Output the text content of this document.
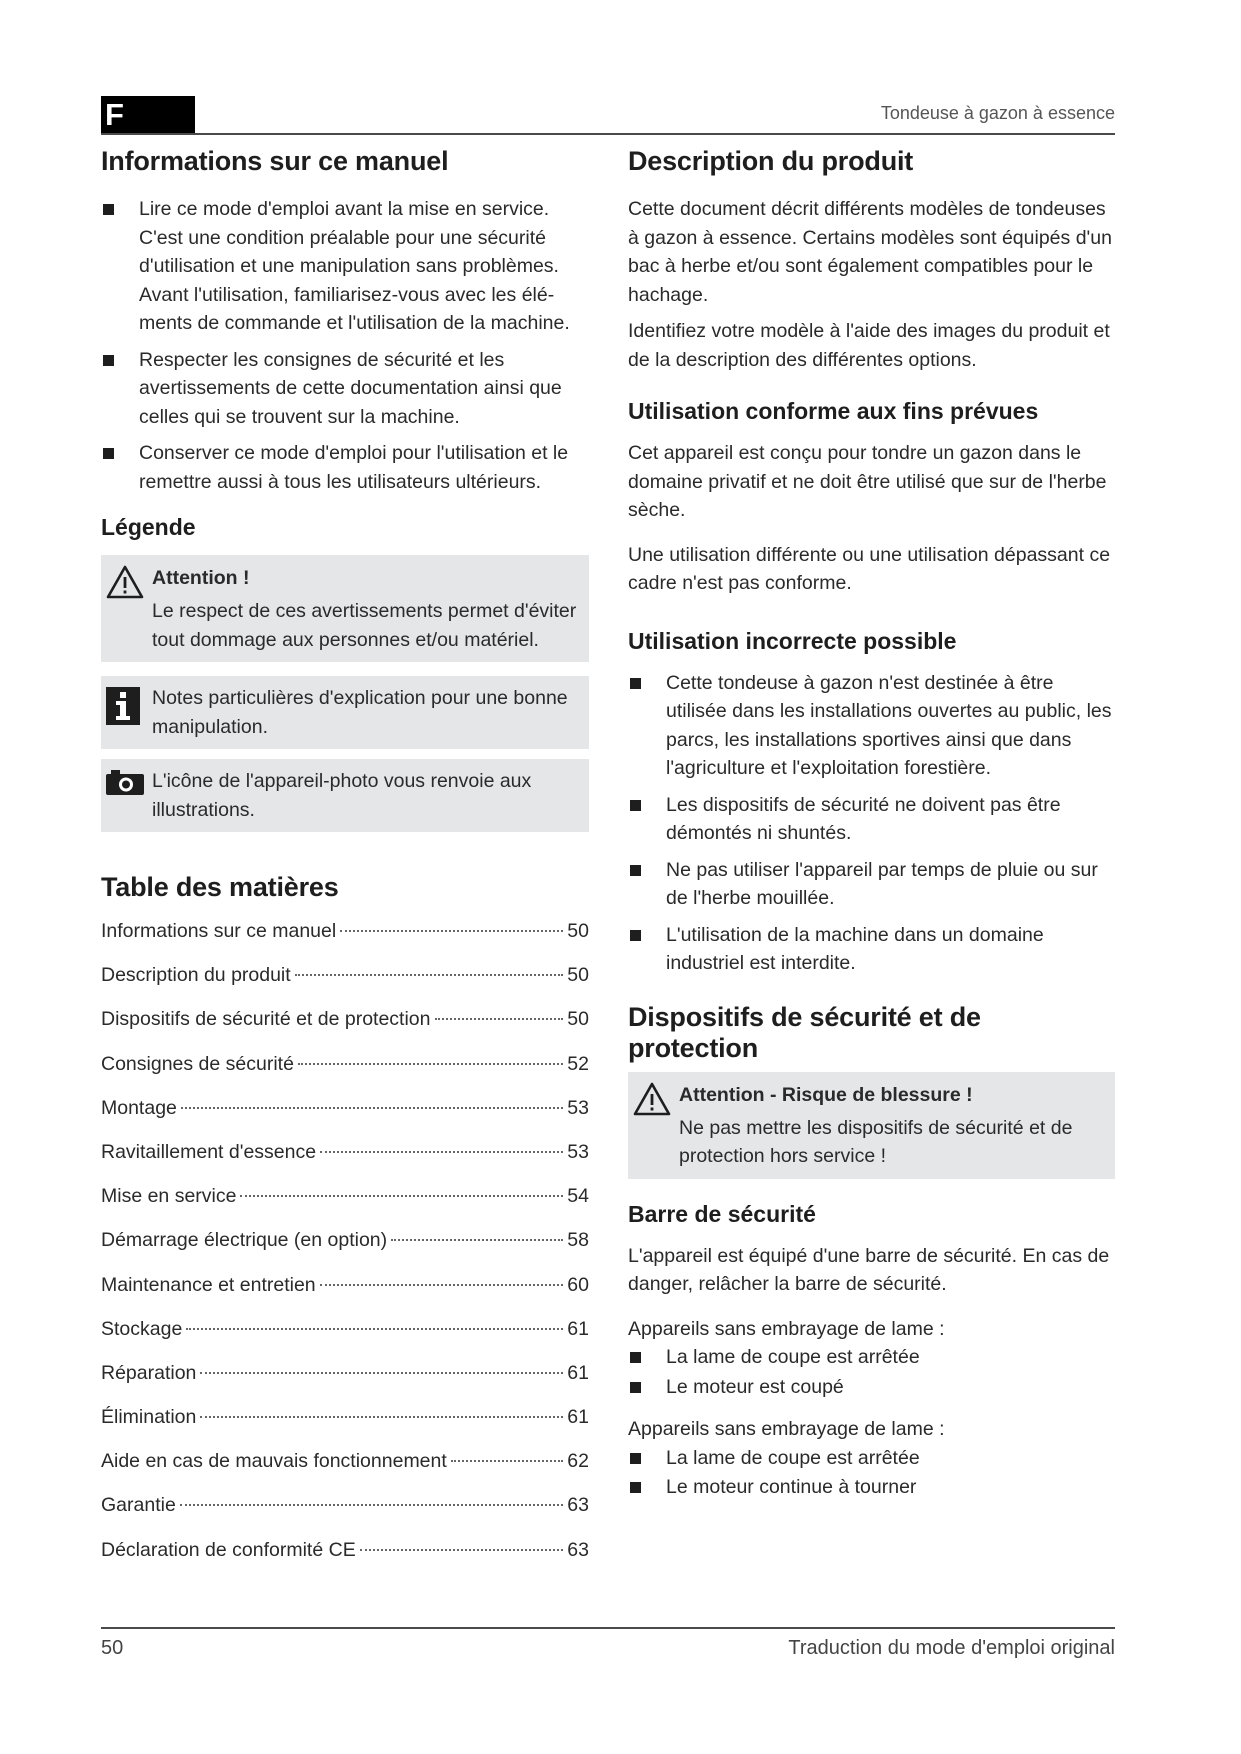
F	Tondeuse à gazon à essence
Informations sur ce manuel
Lire ce mode d'emploi avant la mise en service. C'est une condition préalable pour une sécurité d'utilisation et une manipulation sans problèmes. Avant l'utilisation, familiarisez-vous avec les élé-ments de commande et l'utilisation de la machine.
Respecter les consignes de sécurité et les avertissements de cette documentation ainsi que celles qui se trouvent sur la machine.
Conserver ce mode d'emploi pour l'utilisation et le remettre aussi à tous les utilisateurs ultérieurs.
Légende

Attention !

Le respect de ces avertissements permet d'éviter tout dommage aux personnes et/ou matériel.

Notes particulières d'explication pour une bonne manipulation.

L'icône de l'appareil-photo vous renvoie aux illustrations.

Table des matières
Informations sur ce manuel	50
Description du produit	50
Dispositifs de sécurité et de protection	50
Consignes de sécurité	52
Montage	53
Ravitaillement d'essence	53
Mise en service	54
Démarrage électrique (en option)	58
Maintenance et entretien	60
Stockage	61
Réparation	61
Élimination	61
Aide en cas de mauvais fonctionnement	62
Garantie	63
Déclaration de conformité CE	63
Description du produit

Cette document décrit différents modèles de tondeuses à gazon à essence. Certains modèles sont équipés d'un bac à herbe et/ou sont également compatibles pour le hachage.

Identifiez votre modèle à l'aide des images du produit et de la description des différentes options.

Utilisation conforme aux fins prévues

Cet appareil est conçu pour tondre un gazon dans le domaine privatif et ne doit être utilisé que sur de l'herbe sèche.

Une utilisation différente ou une utilisation dépassant ce cadre n'est pas conforme.

Utilisation incorrecte possible
Cette tondeuse à gazon n'est destinée à être utilisée dans les installations ouvertes au public, les parcs, les installations sportives ainsi que dans l'agriculture et l'exploitation forestière.
Les dispositifs de sécurité ne doivent pas être démontés ni shuntés.
Ne pas utiliser l'appareil par temps de pluie ou sur de l'herbe mouillée.
L'utilisation de la machine dans un domaine industriel est interdite.
Dispositifs de sécurité et de protection

Attention - Risque de blessure !

Ne pas mettre les dispositifs de sécurité et de protection hors service !

Barre de sécurité

L'appareil est équipé d'une barre de sécurité. En cas de danger, relâcher la barre de sécurité.

Appareils sans embrayage de lame :

La lame de coupe est arrêtée
Le moteur est coupé

Appareils sans embrayage de lame :

La lame de coupe est arrêtée
Le moteur continue à tourner
50	Traduction du mode d'emploi original
